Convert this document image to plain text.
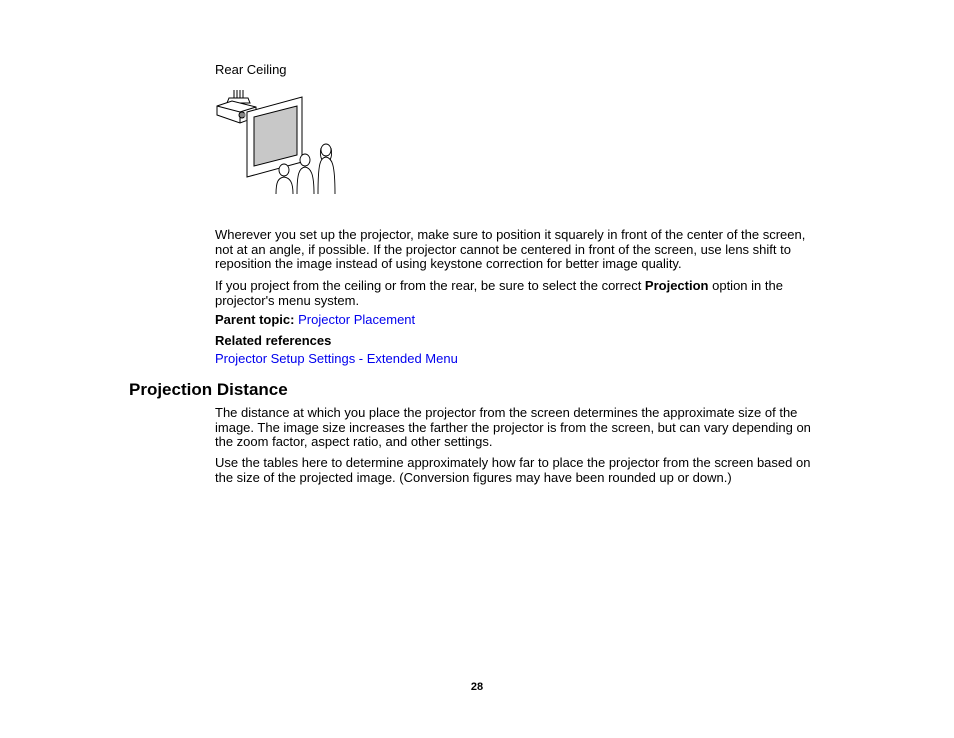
Rear Ceiling

Wherever you set up the projector, make sure to position it squarely in front of the center of the screen, not at an angle, if possible. If the projector cannot be centered in front of the screen, use lens shift to reposition the image instead of using keystone correction for better image quality.

If you project from the ceiling or from the rear, be sure to select the correct Projection option in the projector's menu system.

Parent topic: Projector Placement

Related references

Projector Setup Settings - Extended Menu

Projection Distance

The distance at which you place the projector from the screen determines the approximate size of the image. The image size increases the farther the projector is from the screen, but can vary depending on the zoom factor, aspect ratio, and other settings.

Use the tables here to determine approximately how far to place the projector from the screen based on the size of the projected image. (Conversion figures may have been rounded up or down.)

28
